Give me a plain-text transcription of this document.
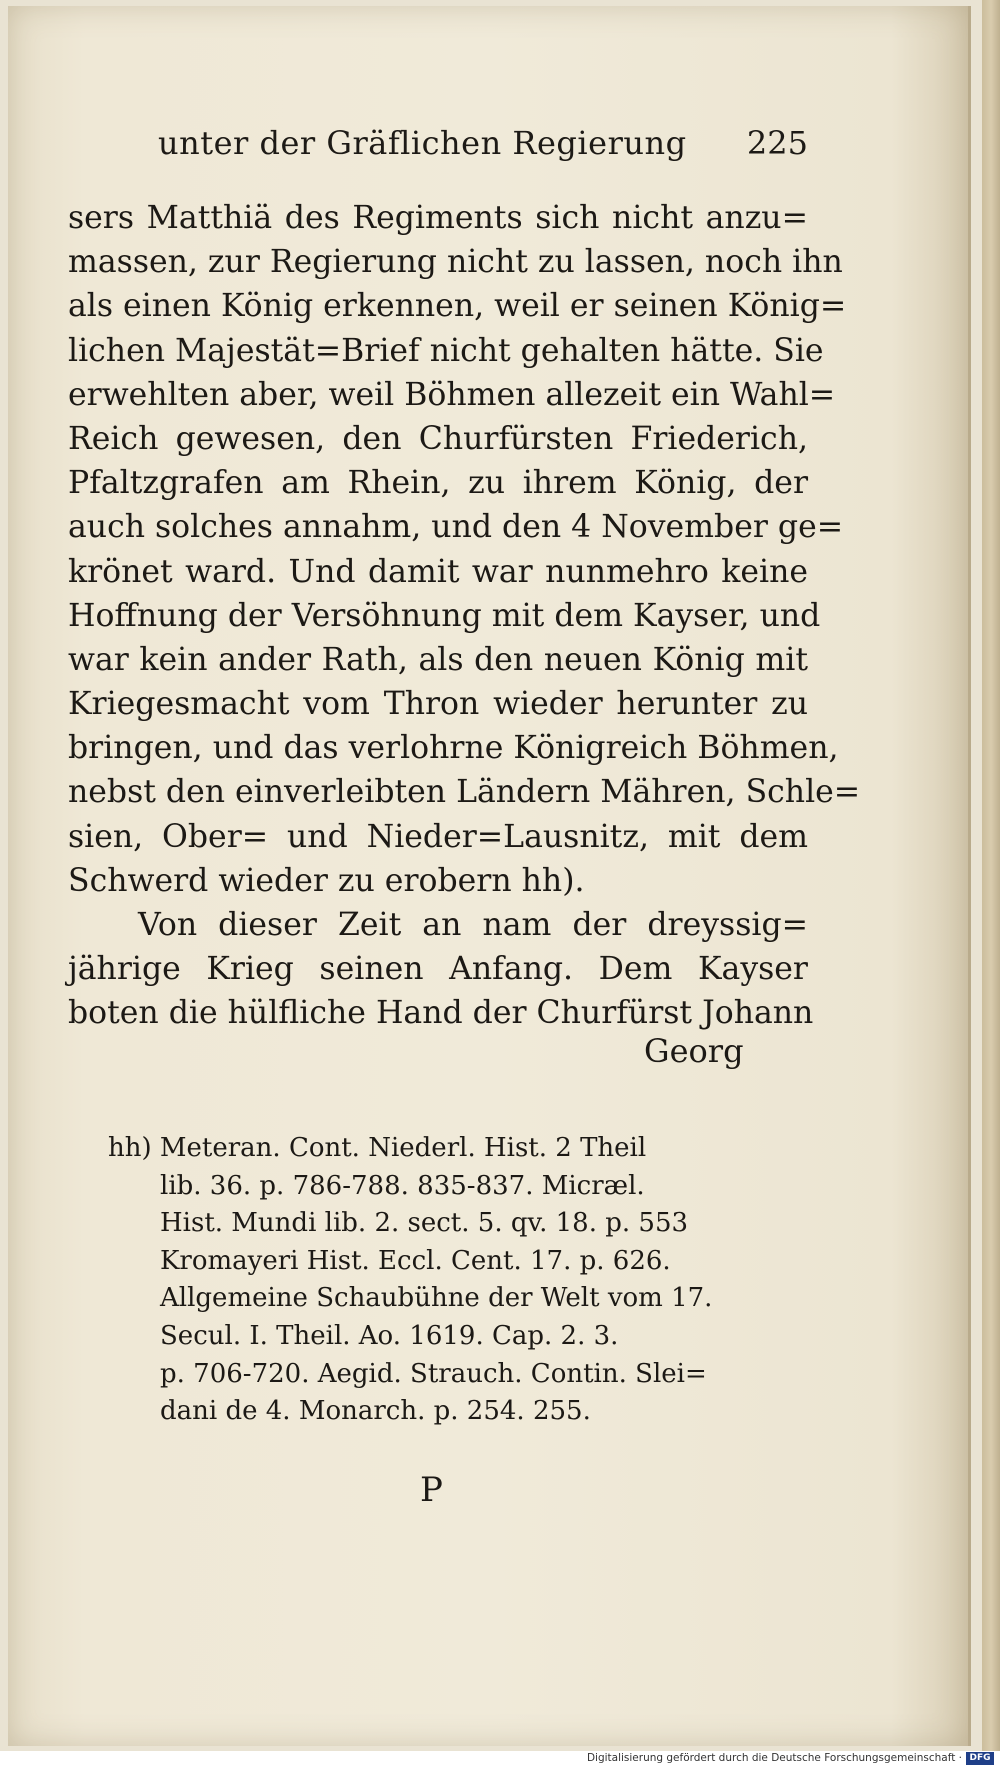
unter der Gräflichen Regierung 225
sers Matthiä des Regiments sich nicht anzu=
massen, zur Regierung nicht zu lassen, noch ihn
als einen König erkennen, weil er seinen König=
lichen Majestät=Brief nicht gehalten hätte. Sie
erwehlten aber, weil Böhmen allezeit ein Wahl=
Reich gewesen, den Churfürsten Friederich,
Pfaltzgrafen am Rhein, zu ihrem König, der
auch solches annahm, und den 4 November ge=
krönet ward. Und damit war nunmehro keine
Hoffnung der Versöhnung mit dem Kayser, und
war kein ander Rath, als den neuen König mit
Kriegesmacht vom Thron wieder herunter zu
bringen, und das verlohrne Königreich Böhmen,
nebst den einverleibten Ländern Mähren, Schle=
sien, Ober= und Nieder=Lausnitz, mit dem
Schwerd wieder zu erobern hh).
Von dieser Zeit an nam der dreyssig=
jährige Krieg seinen Anfang. Dem Kayser
boten die hülfliche Hand der Churfürst Johann
Georg
hh) Meteran. Cont. Niederl. Hist. 2 Theil
lib. 36. p. 786-788. 835-837. Micræl.
Hist. Mundi lib. 2. sect. 5. qv. 18. p. 553
Kromayeri Hist. Eccl. Cent. 17. p. 626.
Allgemeine Schaubühne der Welt vom 17.
Secul. I. Theil. Ao. 1619. Cap. 2. 3.
p. 706-720. Aegid. Strauch. Contin. Slei=
dani de 4. Monarch. p. 254. 255.
P
Digitalisierung gefördert durch die Deutsche Forschungsgemeinschaft · DFG
